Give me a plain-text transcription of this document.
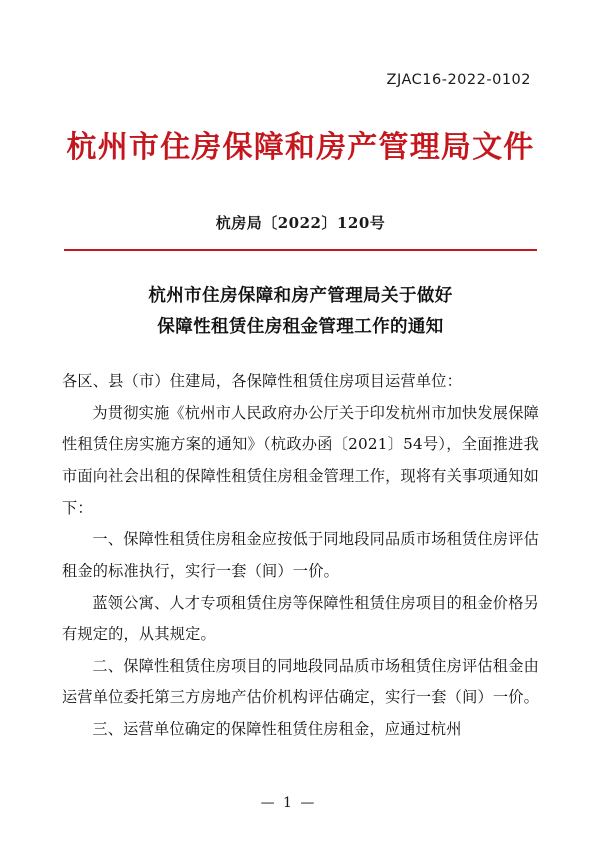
ZJAC16-2022-0102
杭州市住房保障和房产管理局文件
杭房局〔2022〕120号
杭州市住房保障和房产管理局关于做好
保障性租赁住房租金管理工作的通知

各区、县（市）住建局，各保障性租赁住房项目运营单位：

为贯彻实施《杭州市人民政府办公厅关于印发杭州市加快发展保障性租赁住房实施方案的通知》（杭政办函〔2021〕54号），全面推进我市面向社会出租的保障性租赁住房租金管理工作，现将有关事项通知如下：

一、保障性租赁住房租金应按低于同地段同品质市场租赁住房评估租金的标准执行，实行一套（间）一价。

蓝领公寓、人才专项租赁住房等保障性租赁住房项目的租金价格另有规定的，从其规定。

二、保障性租赁住房项目的同地段同品质市场租赁住房评估租金由运营单位委托第三方房地产估价机构评估确定，实行一套（间）一价。

三、运营单位确定的保障性租赁住房租金，应通过杭州

— 1 —
